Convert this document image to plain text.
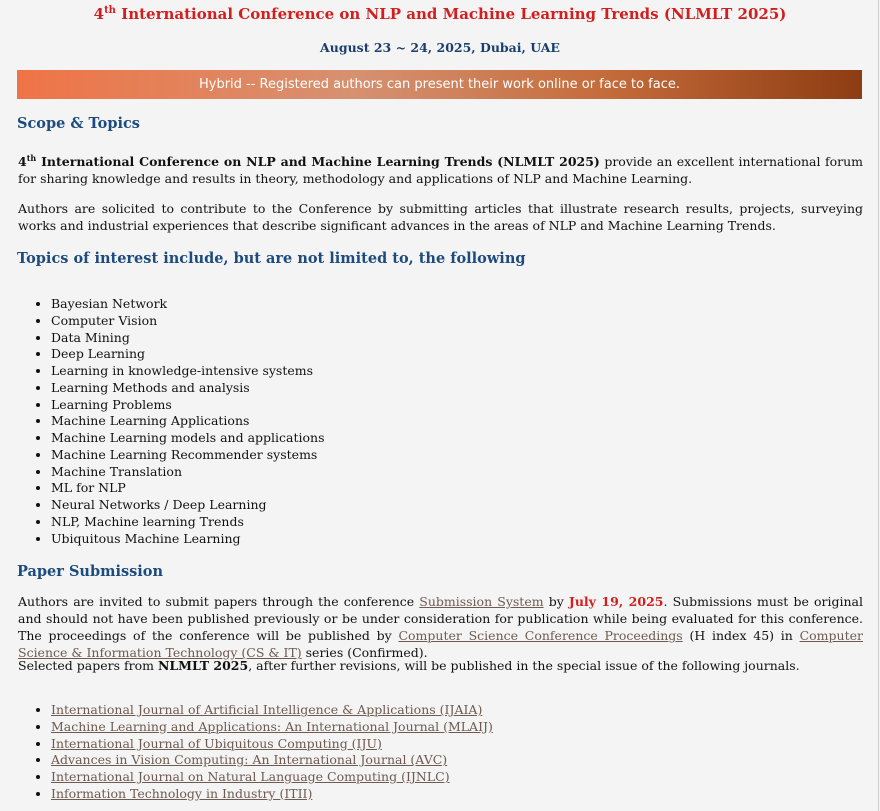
4th International Conference on NLP and Machine Learning Trends (NLMLT 2025)
August 23 ~ 24, 2025, Dubai, UAE
Hybrid -- Registered authors can present their work online or face to face.
Scope & Topics
4th International Conference on NLP and Machine Learning Trends (NLMLT 2025) provide an excellent international forum for sharing knowledge and results in theory, methodology and applications of NLP and Machine Learning.
Authors are solicited to contribute to the Conference by submitting articles that illustrate research results, projects, surveying works and industrial experiences that describe significant advances in the areas of NLP and Machine Learning Trends.
Topics of interest include, but are not limited to, the following
• Bayesian Network
• Computer Vision
• Data Mining
• Deep Learning
• Learning in knowledge-intensive systems
• Learning Methods and analysis
• Learning Problems
• Machine Learning Applications
• Machine Learning models and applications
• Machine Learning Recommender systems
• Machine Translation
• ML for NLP
• Neural Networks / Deep Learning
• NLP, Machine learning Trends
• Ubiquitous Machine Learning
Paper Submission
Authors are invited to submit papers through the conference Submission System by July 19, 2025. Submissions must be original and should not have been published previously or be under consideration for publication while being evaluated for this conference. The proceedings of the conference will be published by Computer Science Conference Proceedings (H index 45) in Computer Science & Information Technology (CS & IT) series (Confirmed).
Selected papers from NLMLT 2025, after further revisions, will be published in the special issue of the following journals.
• International Journal of Artificial Intelligence & Applications (IJAIA)
• Machine Learning and Applications: An International Journal (MLAIJ)
• International Journal of Ubiquitous Computing (IJU)
• Advances in Vision Computing: An International Journal (AVC)
• International Journal on Natural Language Computing (IJNLC)
• Information Technology in Industry (ITII)
